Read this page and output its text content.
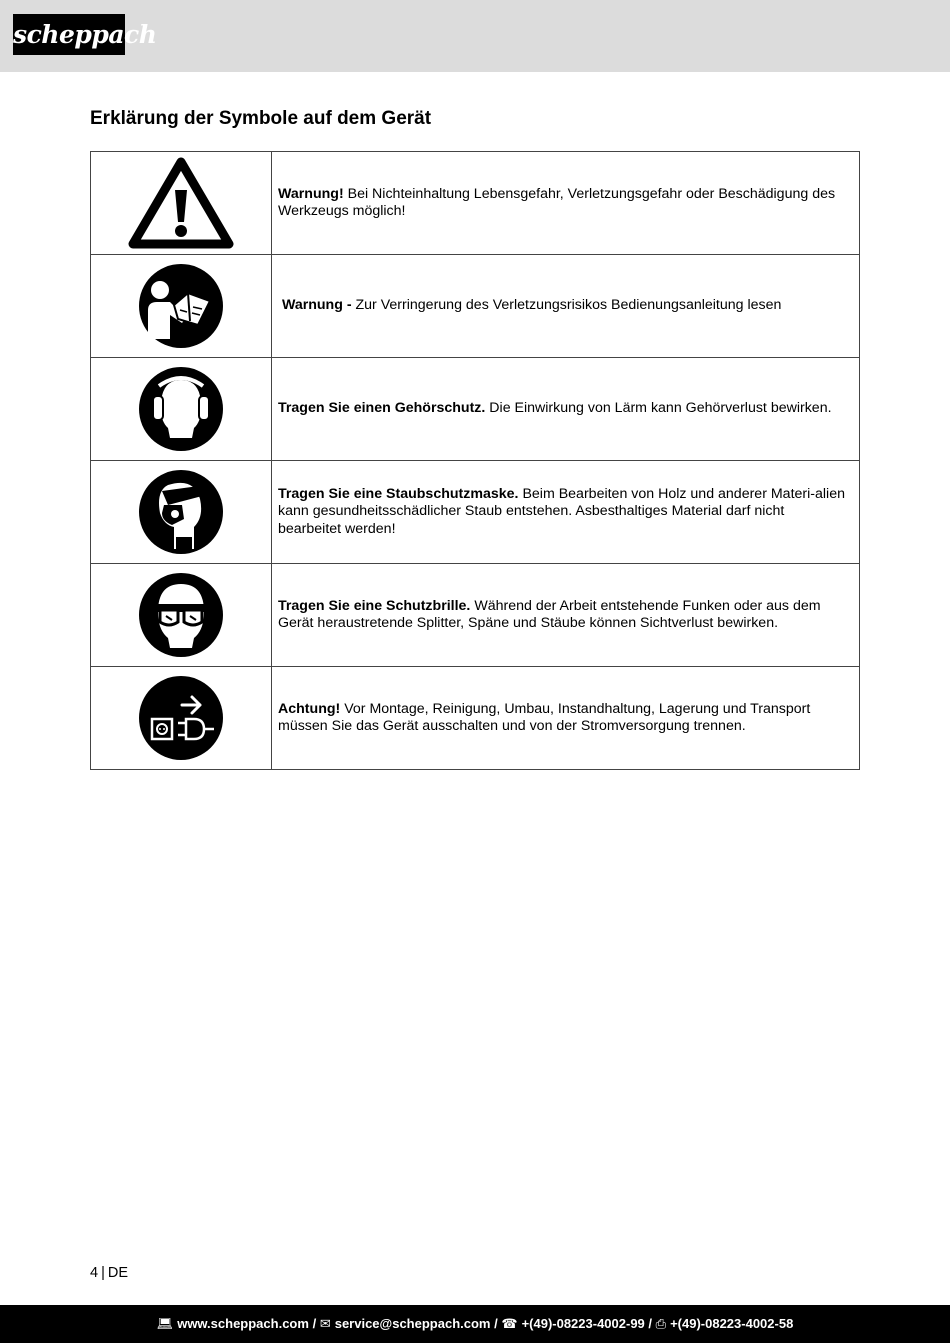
scheppach
Erklärung der Symbole auf dem Gerät
	Warnung! Bei Nichteinhaltung Lebensgefahr, Verletzungsgefahr oder Beschädigung des Werkzeugs möglich!

	Warnung - Zur Verringerung des Verletzungsrisikos Bedienungsanleitung lesen

	Tragen Sie einen Gehörschutz. Die Einwirkung von Lärm kann Gehörverlust bewirken.

	Tragen Sie eine Staubschutzmaske. Beim Bearbeiten von Holz und anderer Materi-alien kann gesundheitsschädlicher Staub entstehen. Asbesthaltiges Material darf nicht bearbeitet werden!

	Tragen Sie eine Schutzbrille. Während der Arbeit entstehende Funken oder aus dem Gerät heraustretende Splitter, Späne und Stäube können Sichtverlust bewirken.

	Achtung! Vor Montage, Reinigung, Umbau, Instandhaltung, Lagerung und Transport müssen Sie das Gerät ausschalten und von der Stromversorgung trennen.
4 | DE
💻︎ www.scheppach.com / ✉ service@scheppach.com / ☎ +(49)-08223-4002-99 / ⎙ +(49)-08223-4002-58
